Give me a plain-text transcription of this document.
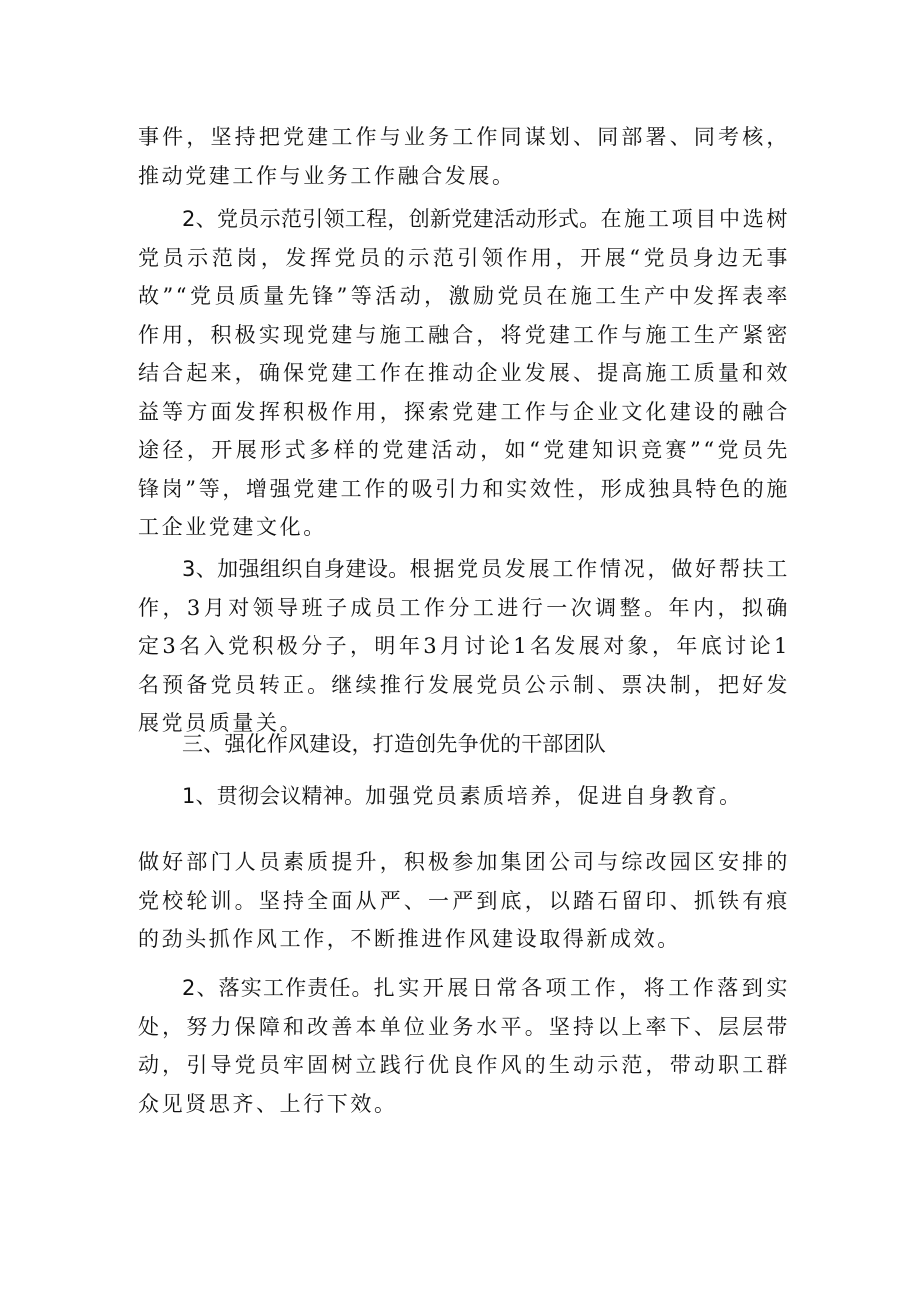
事件，坚持把党建工作与业务工作同谋划、同部署、同考核，推动党建工作与业务工作融合发展。

2、党员示范引领工程，创新党建活动形式。在施工项目中选树党员示范岗，发挥党员的示范引领作用，开展“党员身边无事故”“党员质量先锋”等活动，激励党员在施工生产中发挥表率作用，积极实现党建与施工融合，将党建工作与施工生产紧密结合起来，确保党建工作在推动企业发展、提高施工质量和效益等方面发挥积极作用，探索党建工作与企业文化建设的融合途径，开展形式多样的党建活动，如“党建知识竞赛”“党员先锋岗”等，增强党建工作的吸引力和实效性，形成独具特色的施工企业党建文化。

3、加强组织自身建设。根据党员发展工作情况，做好帮扶工作，3月对领导班子成员工作分工进行一次调整。年内，拟确定3名入党积极分子，明年3月讨论1名发展对象，年底讨论1名预备党员转正。继续推行发展党员公示制、票决制，把好发展党员质量关。

三、强化作风建设，打造创先争优的干部团队

1、贯彻会议精神。加强党员素质培养，促进自身教育。

做好部门人员素质提升，积极参加集团公司与综改园区安排的党校轮训。坚持全面从严、一严到底，以踏石留印、抓铁有痕的劲头抓作风工作，不断推进作风建设取得新成效。

2、落实工作责任。扎实开展日常各项工作，将工作落到实处，努力保障和改善本单位业务水平。坚持以上率下、层层带动，引导党员牢固树立践行优良作风的生动示范，带动职工群众见贤思齐、上行下效。
